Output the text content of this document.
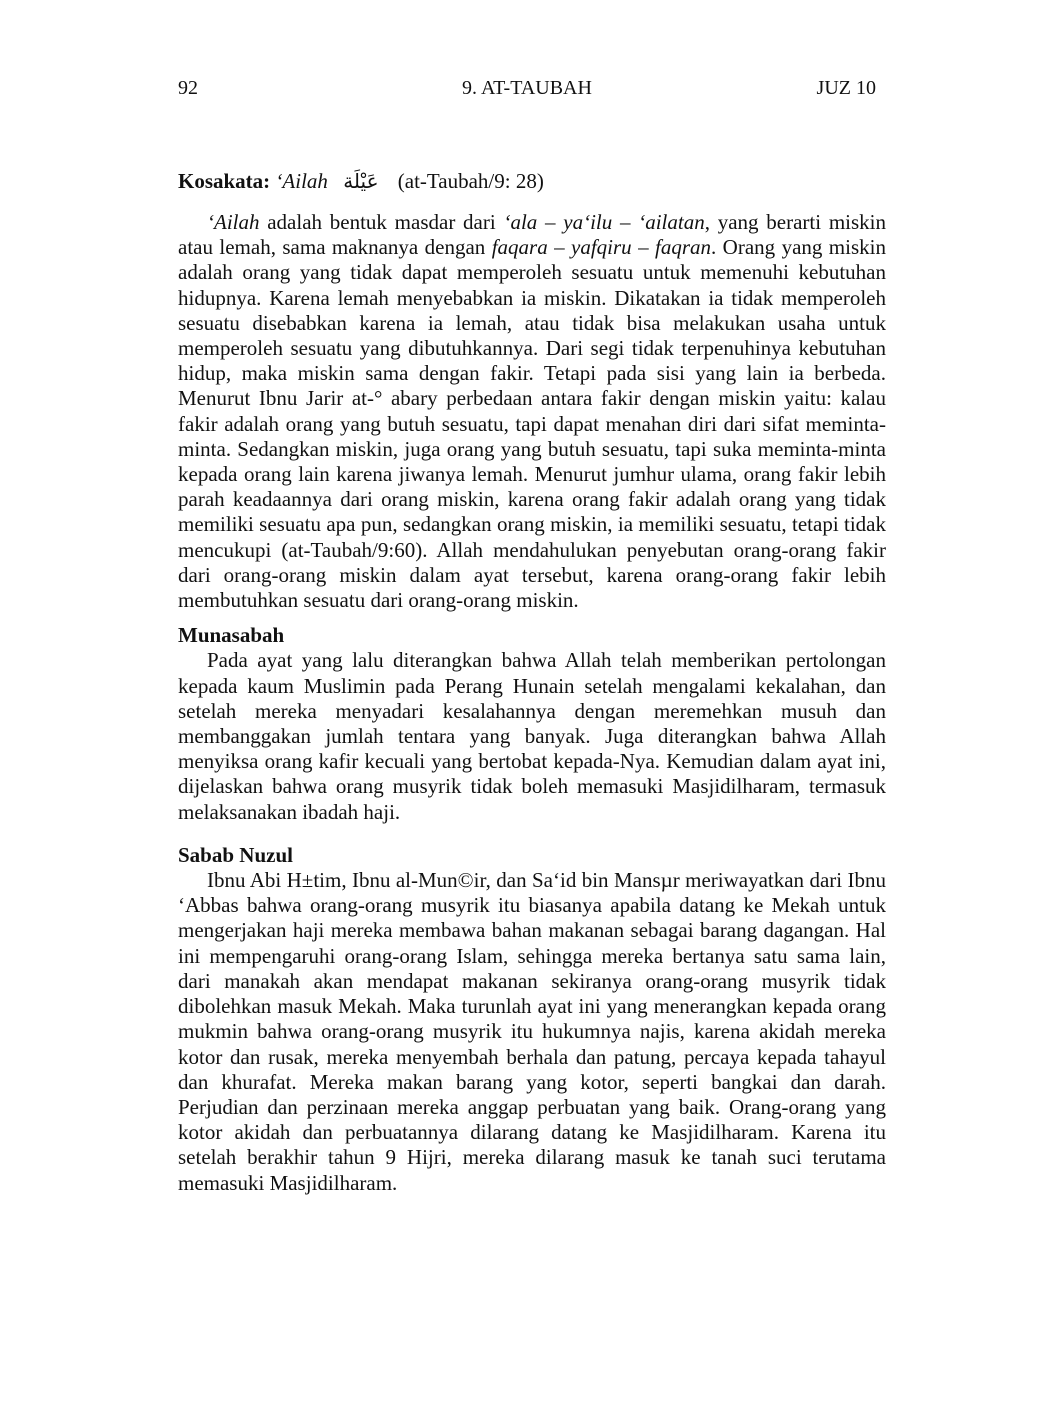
92	9. AT-TAUBAH	JUZ 10
Kosakata: ‘Ailah عَيْلَة (at-Taubah/9: 28)

‘Ailah adalah bentuk masdar dari ‘ala – ya‘ilu – ‘ailatan, yang berarti miskin atau lemah, sama maknanya dengan faqara – yafqiru – faqran. Orang yang miskin adalah orang yang tidak dapat memperoleh sesuatu untuk memenuhi kebutuhan hidupnya. Karena lemah menyebabkan ia miskin. Dikatakan ia tidak memperoleh sesuatu disebabkan karena ia lemah, atau tidak bisa melakukan usaha untuk memperoleh sesuatu yang dibutuhkannya. Dari segi tidak terpenuhinya kebutuhan hidup, maka miskin sama dengan fakir. Tetapi pada sisi yang lain ia berbeda. Menurut Ibnu Jarir at-° abary perbedaan antara fakir dengan miskin yaitu: kalau fakir adalah orang yang butuh sesuatu, tapi dapat menahan diri dari sifat meminta-minta. Sedangkan miskin, juga orang yang butuh sesuatu, tapi suka meminta-minta kepada orang lain karena jiwanya lemah. Menurut jumhur ulama, orang fakir lebih parah keadaannya dari orang miskin, karena orang fakir adalah orang yang tidak memiliki sesuatu apa pun, sedangkan orang miskin, ia memiliki sesuatu, tetapi tidak mencukupi (at-Taubah/9:60). Allah mendahulukan penyebutan orang-orang fakir dari orang-orang miskin dalam ayat tersebut, karena orang-orang fakir lebih membutuhkan sesuatu dari orang-orang miskin.

Munasabah

Pada ayat yang lalu diterangkan bahwa Allah telah memberikan pertolongan kepada kaum Muslimin pada Perang Hunain setelah mengalami kekalahan, dan setelah mereka menyadari kesalahannya dengan meremehkan musuh dan membanggakan jumlah tentara yang banyak. Juga diterangkan bahwa Allah menyiksa orang kafir kecuali yang bertobat kepada-Nya. Kemudian dalam ayat ini, dijelaskan bahwa orang musyrik tidak boleh memasuki Masjidilharam, termasuk melaksanakan ibadah haji.

Sabab Nuzul

Ibnu Abi H±tim, Ibnu al-Mun©ir, dan Sa‘id bin Mansµr meriwayatkan dari Ibnu ‘Abbas bahwa orang-orang musyrik itu biasanya apabila datang ke Mekah untuk mengerjakan haji mereka membawa bahan makanan sebagai barang dagangan. Hal ini mempengaruhi orang-orang Islam, sehingga mereka bertanya satu sama lain, dari manakah akan mendapat makanan sekiranya orang-orang musyrik tidak dibolehkan masuk Mekah. Maka turunlah ayat ini yang menerangkan kepada orang mukmin bahwa orang-orang musyrik itu hukumnya najis, karena akidah mereka kotor dan rusak, mereka menyembah berhala dan patung, percaya kepada tahayul dan khurafat. Mereka makan barang yang kotor, seperti bangkai dan darah. Perjudian dan perzinaan mereka anggap perbuatan yang baik. Orang-orang yang kotor akidah dan perbuatannya dilarang datang ke Masjidilharam. Karena itu setelah berakhir tahun 9 Hijri, mereka dilarang masuk ke tanah suci terutama memasuki Masjidilharam.
